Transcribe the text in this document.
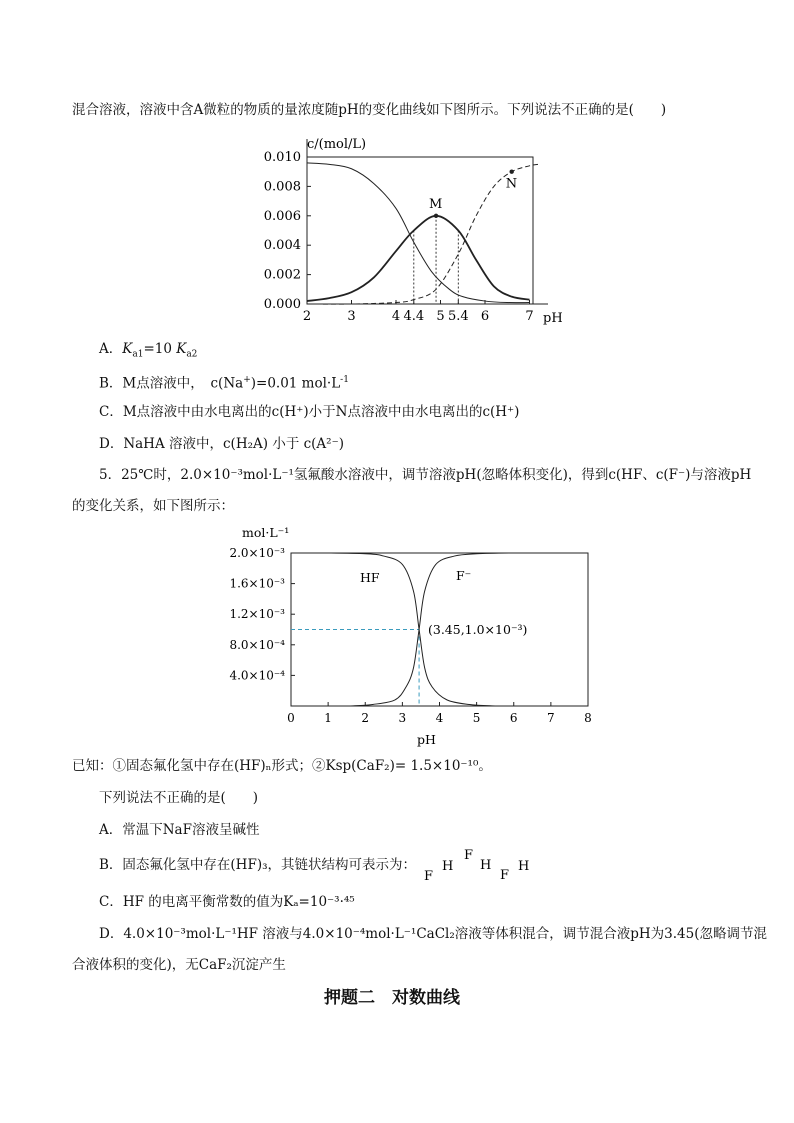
混合溶液，溶液中含A微粒的物质的量浓度随pH的变化曲线如下图所示。下列说法不正确的是(　　)
M
N
c/(mol/L)
pH
0.010
0.008
0.006
0.004
0.002
0.000
2	3	4 4.4 5 5.4 6	7
A．$K_{a1}=10$ $K_{a2}$
B．M点溶液中，　c(Na+)=0.01 $mol\cdot L^{-1}$
C．M点溶液中由水电离出的c(H⁺)小于N点溶液中由水电离出的c(H⁺)
D．NaHA 溶液中，c(H₂A) 小于 c(A²⁻)
5．25℃时，2.0×10⁻³mol·L⁻¹氢氟酸水溶液中，调节溶液pH(忽略体积变化)，得到c(HF、c(F⁻)与溶液pH
的变化关系，如下图所示：
mol·L⁻¹
pH
HF	F⁻
(3.45,1.0×10⁻³)
2.0×10⁻³
1.6×10⁻³
1.2×10⁻³
8.0×10⁻⁴
4.0×10⁻⁴
0 1 2 3 4 5 6 7 8
已知：①固态氟化氢中存在(HF)ₙ形式；②Ksp(CaF₂)= 1.5×10⁻¹⁰。
下列说法不正确的是(　　)
A．常温下NaF溶液呈碱性
B．固态氟化氢中存在(HF)₃，其链状结构可表示为：
F
H
F
H
F
H
C．HF 的电离平衡常数的值为Kₐ=10⁻³·⁴⁵
D．4.0×10⁻³mol·L⁻¹HF 溶液与4.0×10⁻⁴mol·L⁻¹CaCl₂溶液等体积混合，调节混合液pH为3.45(忽略调节混
合液体积的变化)，无CaF₂沉淀产生
押题二　对数曲线
